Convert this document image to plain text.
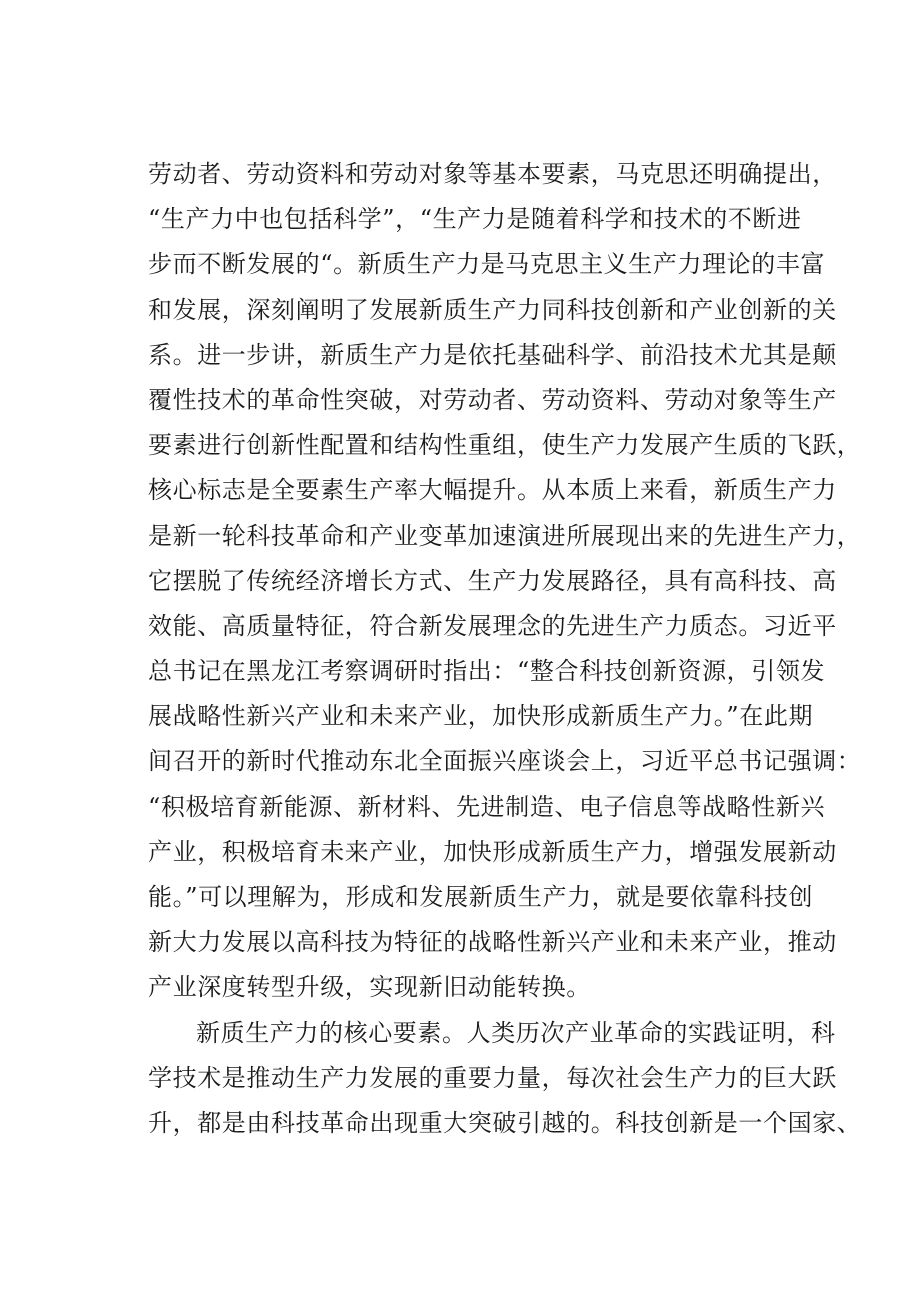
劳动者、劳动资料和劳动对象等基本要素，马克思还明确提出，
“生产力中也包括科学”，“生产力是随着科学和技术的不断进
步而不断发展的“。新质生产力是马克思主义生产力理论的丰富
和发展，深刻阐明了发展新质生产力同科技创新和产业创新的关
系。进一步讲，新质生产力是依托基础科学、前沿技术尤其是颠
覆性技术的革命性突破，对劳动者、劳动资料、劳动对象等生产
要素进行创新性配置和结构性重组，使生产力发展产生质的飞跃，
核心标志是全要素生产率大幅提升。从本质上来看，新质生产力
是新一轮科技革命和产业变革加速演进所展现出来的先进生产力，
它摆脱了传统经济增长方式、生产力发展路径，具有高科技、高
效能、高质量特征，符合新发展理念的先进生产力质态。习近平
总书记在黑龙江考察调研时指出：“整合科技创新资源，引领发
展战略性新兴产业和未来产业，加快形成新质生产力。”在此期
间召开的新时代推动东北全面振兴座谈会上，习近平总书记强调：
“积极培育新能源、新材料、先进制造、电子信息等战略性新兴
产业，积极培育未来产业，加快形成新质生产力，增强发展新动
能。”可以理解为，形成和发展新质生产力，就是要依靠科技创
新大力发展以高科技为特征的战略性新兴产业和未来产业，推动
产业深度转型升级，实现新旧动能转换。
新质生产力的核心要素。人类历次产业革命的实践证明，科
学技术是推动生产力发展的重要力量，每次社会生产力的巨大跃
升，都是由科技革命出现重大突破引越的。科技创新是一个国家、
